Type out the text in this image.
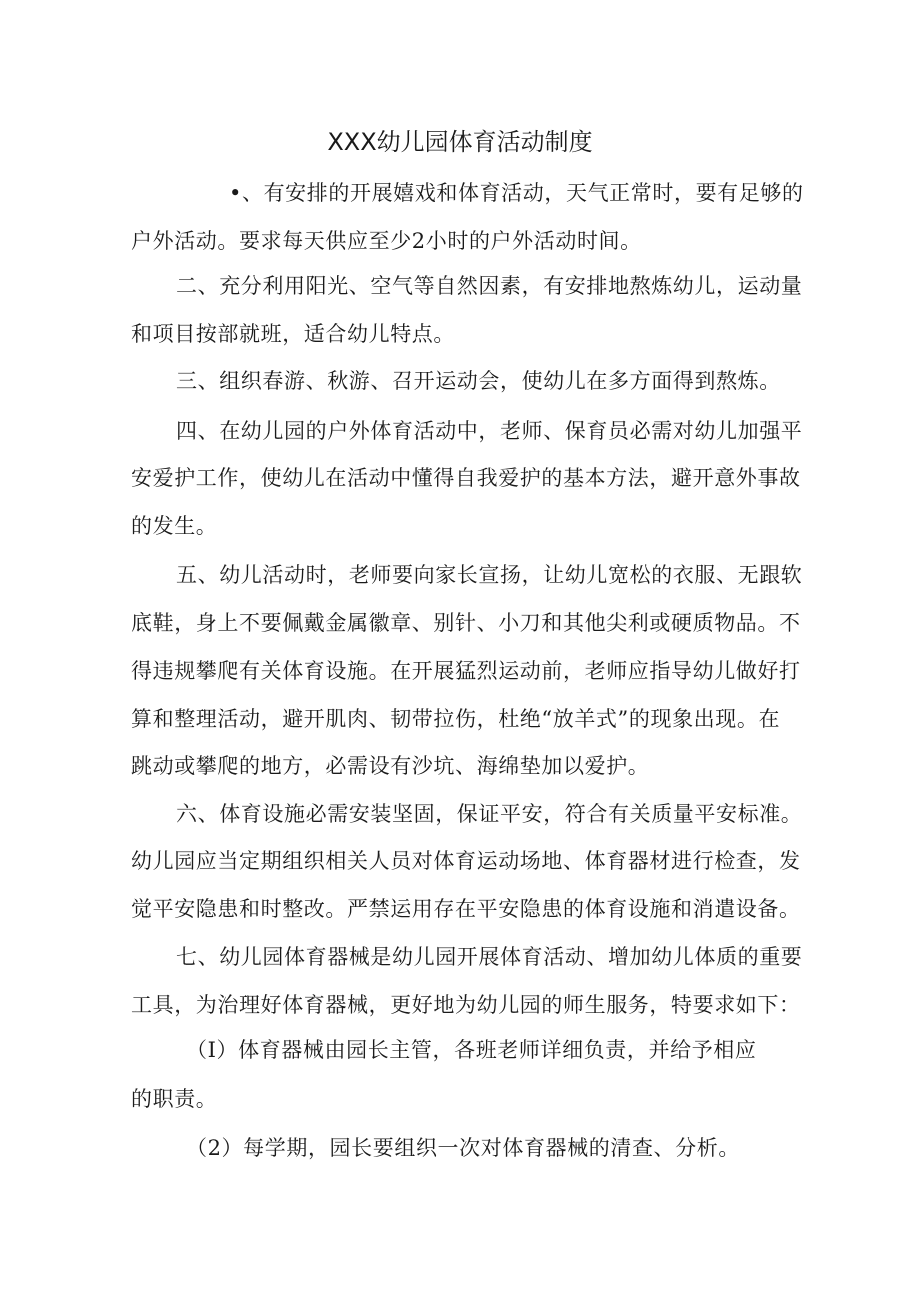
XXX幼儿园体育活动制度
•、有安排的开展嬉戏和体育活动，天气正常时，要有足够的
户外活动。要求每天供应至少2小时的户外活动时间。
二、充分利用阳光、空气等自然因素，有安排地熬炼幼儿，运动量
和项目按部就班，适合幼儿特点。
三、组织春游、秋游、召开运动会，使幼儿在多方面得到熬炼。
四、在幼儿园的户外体育活动中，老师、保育员必需对幼儿加强平
安爱护工作，使幼儿在活动中懂得自我爱护的基本方法，避开意外事故
的发生。
五、幼儿活动时，老师要向家长宣扬，让幼儿宽松的衣服、无跟软
底鞋，身上不要佩戴金属徽章、别针、小刀和其他尖利或硬质物品。不
得违规攀爬有关体育设施。在开展猛烈运动前，老师应指导幼儿做好打
算和整理活动，避开肌肉、韧带拉伤，杜绝“放羊式”的现象出现。在
跳动或攀爬的地方，必需设有沙坑、海绵垫加以爱护。
六、体育设施必需安装坚固，保证平安，符合有关质量平安标准。
幼儿园应当定期组织相关人员对体育运动场地、体育器材进行检查，发
觉平安隐患和时整改。严禁运用存在平安隐患的体育设施和消遣设备。
七、幼儿园体育器械是幼儿园开展体育活动、增加幼儿体质的重要
工具，为治理好体育器械，更好地为幼儿园的师生服务，特要求如下：
（I）体育器械由园长主管，各班老师详细负责，并给予相应
的职责。
（2）每学期，园长要组织一次对体育器械的清查、分析。
